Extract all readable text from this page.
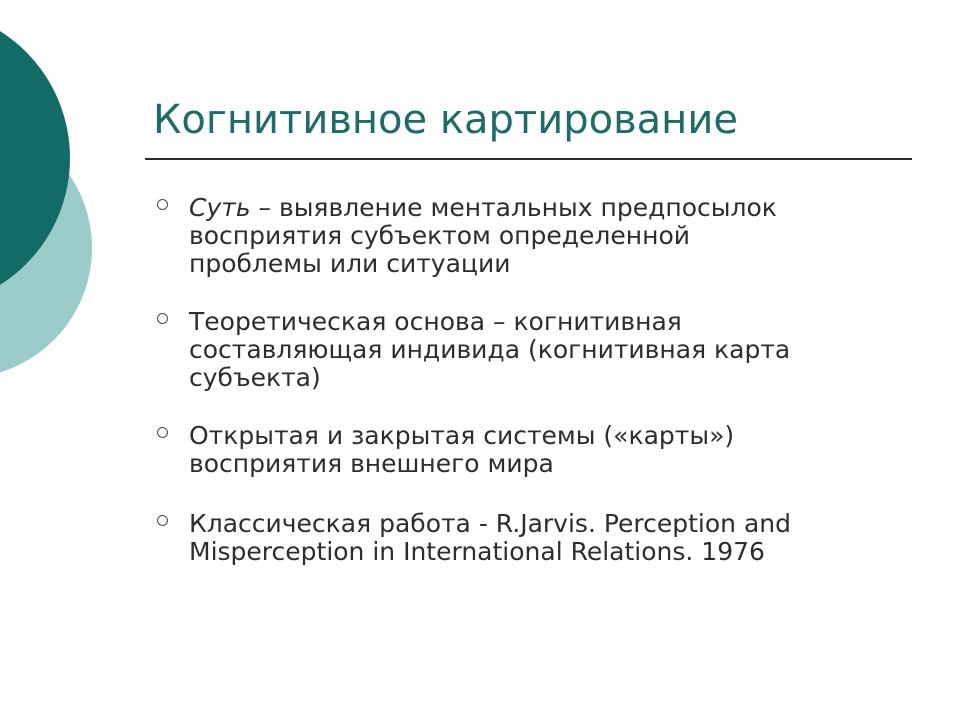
Когнитивное картирование
Суть – выявление ментальных предпосылок
восприятия субъектом определенной
проблемы или ситуации
Теоретическая основа – когнитивная
составляющая индивида (когнитивная карта
субъекта)
Открытая и закрытая системы («карты»)
восприятия внешнего мира
Классическая работа - R.Jarvis. Perception and
Misperception in International Relations. 1976
